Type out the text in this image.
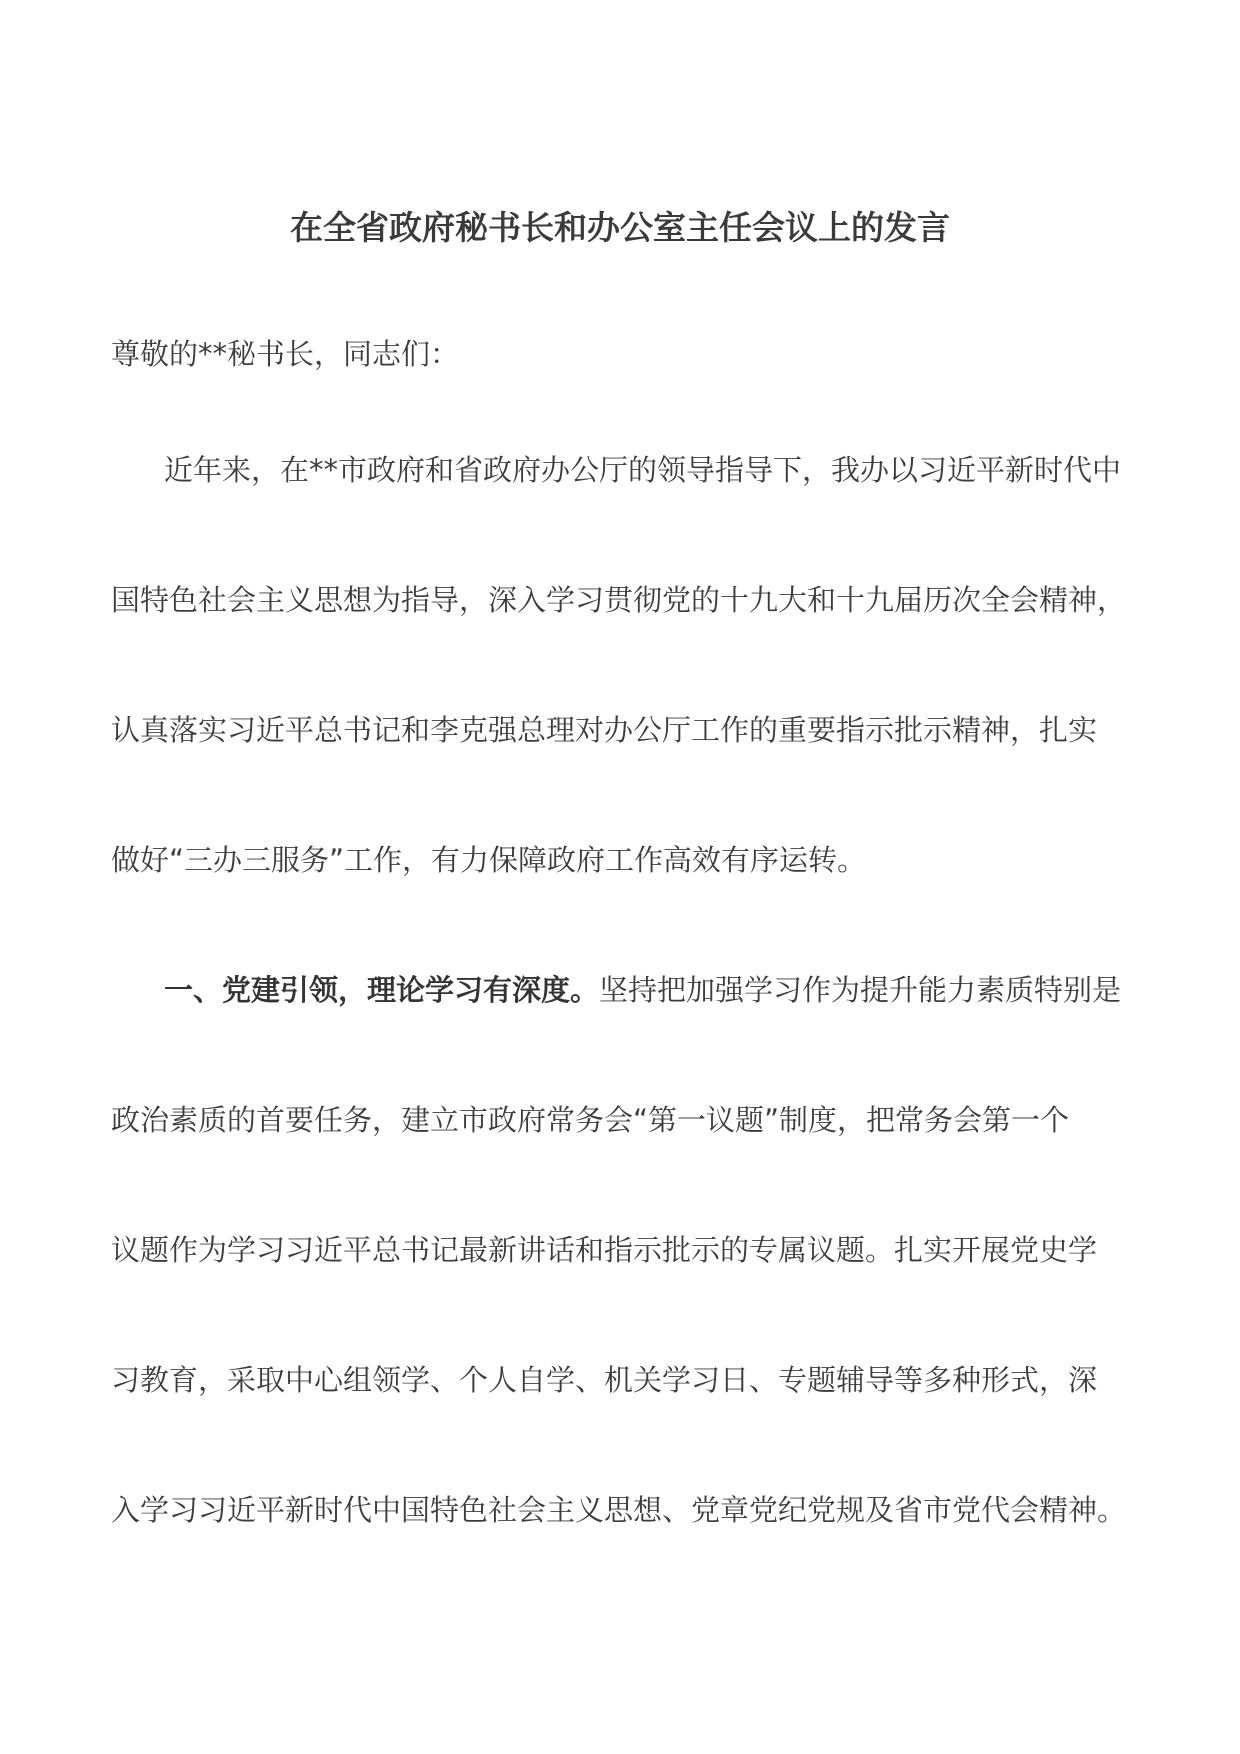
在全省政府秘书长和办公室主任会议上的发言

尊敬的**秘书长，同志们：

近年来，在**市政府和省政府办公厅的领导指导下，我办以习近平新时代中

国特色社会主义思想为指导，深入学习贯彻党的十九大和十九届历次全会精神，

认真落实习近平总书记和李克强总理对办公厅工作的重要指示批示精神，扎实

做好“三办三服务”工作，有力保障政府工作高效有序运转。

一、党建引领，理论学习有深度。坚持把加强学习作为提升能力素质特别是

政治素质的首要任务，建立市政府常务会“第一议题”制度，把常务会第一个

议题作为学习习近平总书记最新讲话和指示批示的专属议题。扎实开展党史学

习教育，采取中心组领学、个人自学、机关学习日、专题辅导等多种形式，深

入学习习近平新时代中国特色社会主义思想、党章党纪党规及省市党代会精神。
